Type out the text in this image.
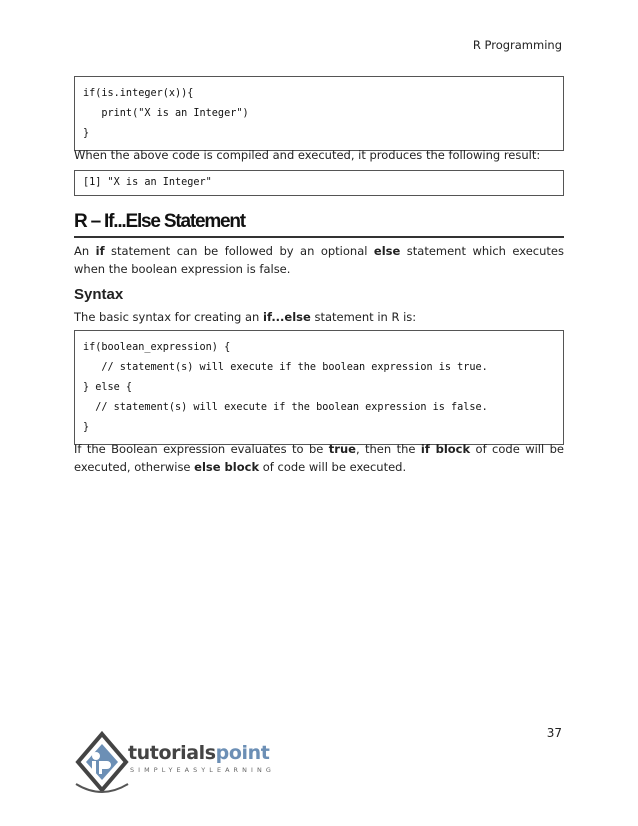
R Programming
if(is.integer(x)){
print("X is an Integer")
}
When the above code is compiled and executed, it produces the following result:
[1] "X is an Integer"
R – If...Else Statement
An if statement can be followed by an optional else statement which executes when the boolean expression is false.
Syntax
The basic syntax for creating an if...else statement in R is:
if(boolean_expression) {
// statement(s) will execute if the boolean expression is true.
} else {
// statement(s) will execute if the boolean expression is false.
}
If the Boolean expression evaluates to be true, then the if block of code will be executed, otherwise else block of code will be executed.
37
tutorialspoint
SIMPLYEASYLEARNING
